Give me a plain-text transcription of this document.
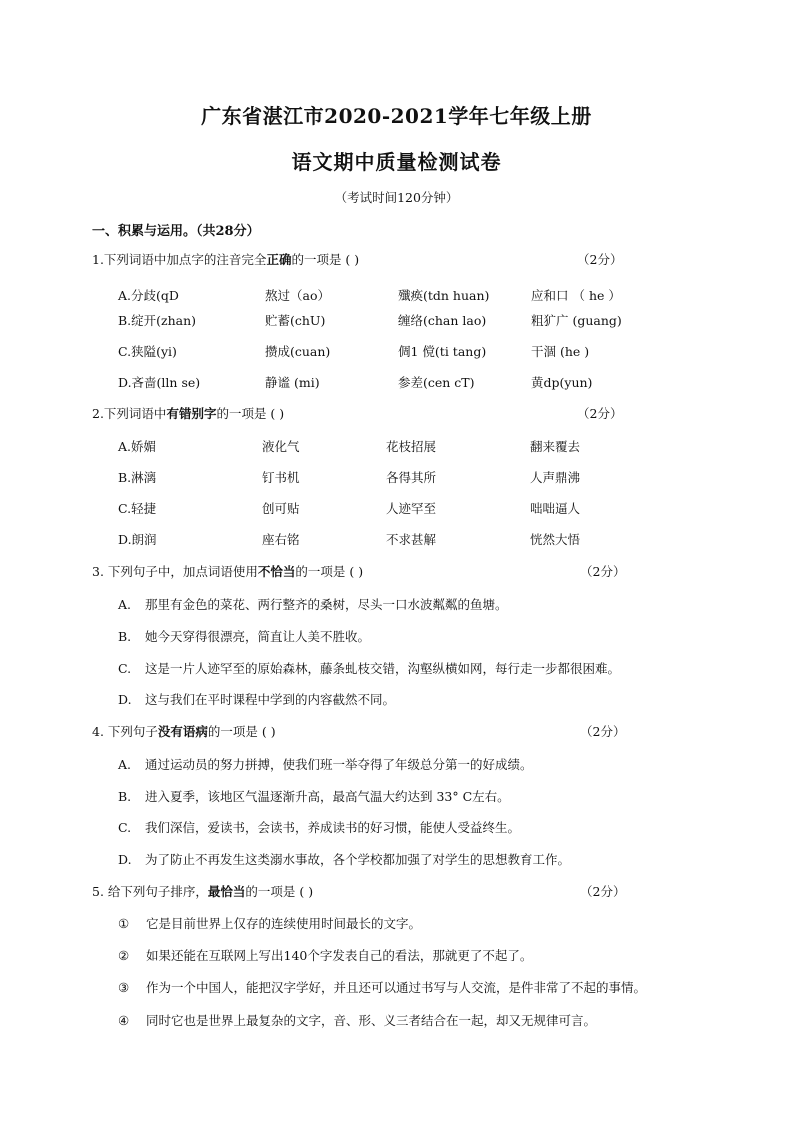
广东省湛江市2020-2021学年七年级上册
语文期中质量检测试卷
（考试时间120分钟）
一、积累与运用。（共28分）
1.下列词语中加点字的注音完全正确的一项是 ( )	（2分）
A.分歧(qD	熬过（ao）	殲痪(tdn huan)	应和口 （ he ）
B.绽开(zhan)	贮蓄(chU)	缠络(chan lao)	粗犷广 (guang)
C.狭隘(yi)	攒成(cuan)	倜1 傥(ti tang)	干涸 (he )
D.吝啬(lln se)	静谧 (mi)	参差(cen cT)	黄dp(yun)
2.下列词语中有错别字的一项是 ( )	（2分）
A.娇媚	液化气	花枝招展	翻来覆去
B.淋漓	钉书机	各得其所	人声鼎沸
C.轻捷	创可贴	人迹罕至	咄咄逼人
D.朗润	座右铭	不求甚解	恍然大悟
3. 下列句子中，加点词语使用不恰当的一项是 ( )	（2分）
A. 那里有金色的菜花、两行整齐的桑树，尽头一口水波粼粼的鱼塘。
B. 她今天穿得很漂亮，简直让人美不胜收。
C. 这是一片人迹罕至的原始森林，藤条虬枝交错，沟壑纵横如网，每行走一步都很困难。
D. 这与我们在平时课程中学到的内容截然不同。
4. 下列句子没有语病的一项是 ( )	（2分）
A. 通过运动员的努力拼搏，使我们班一举夺得了年级总分第一的好成绩。
B. 进入夏季，该地区气温逐渐升高，最高气温大约达到 33° C左右。
C. 我们深信，爱读书，会读书，养成读书的好习惯，能使人受益终生。
D. 为了防止不再发生这类溺水事故，各个学校都加强了对学生的思想教育工作。
5. 给下列句子排序，最恰当的一项是 ( )	（2分）
① 它是目前世界上仅存的连续使用时间最长的文字。
② 如果还能在互联网上写出140个字发表自己的看法，那就更了不起了。
③ 作为一个中国人，能把汉字学好，并且还可以通过书写与人交流，是件非常了不起的事情。
④ 同时它也是世界上最复杂的文字，音、形、义三者结合在一起，却又无规律可言。
